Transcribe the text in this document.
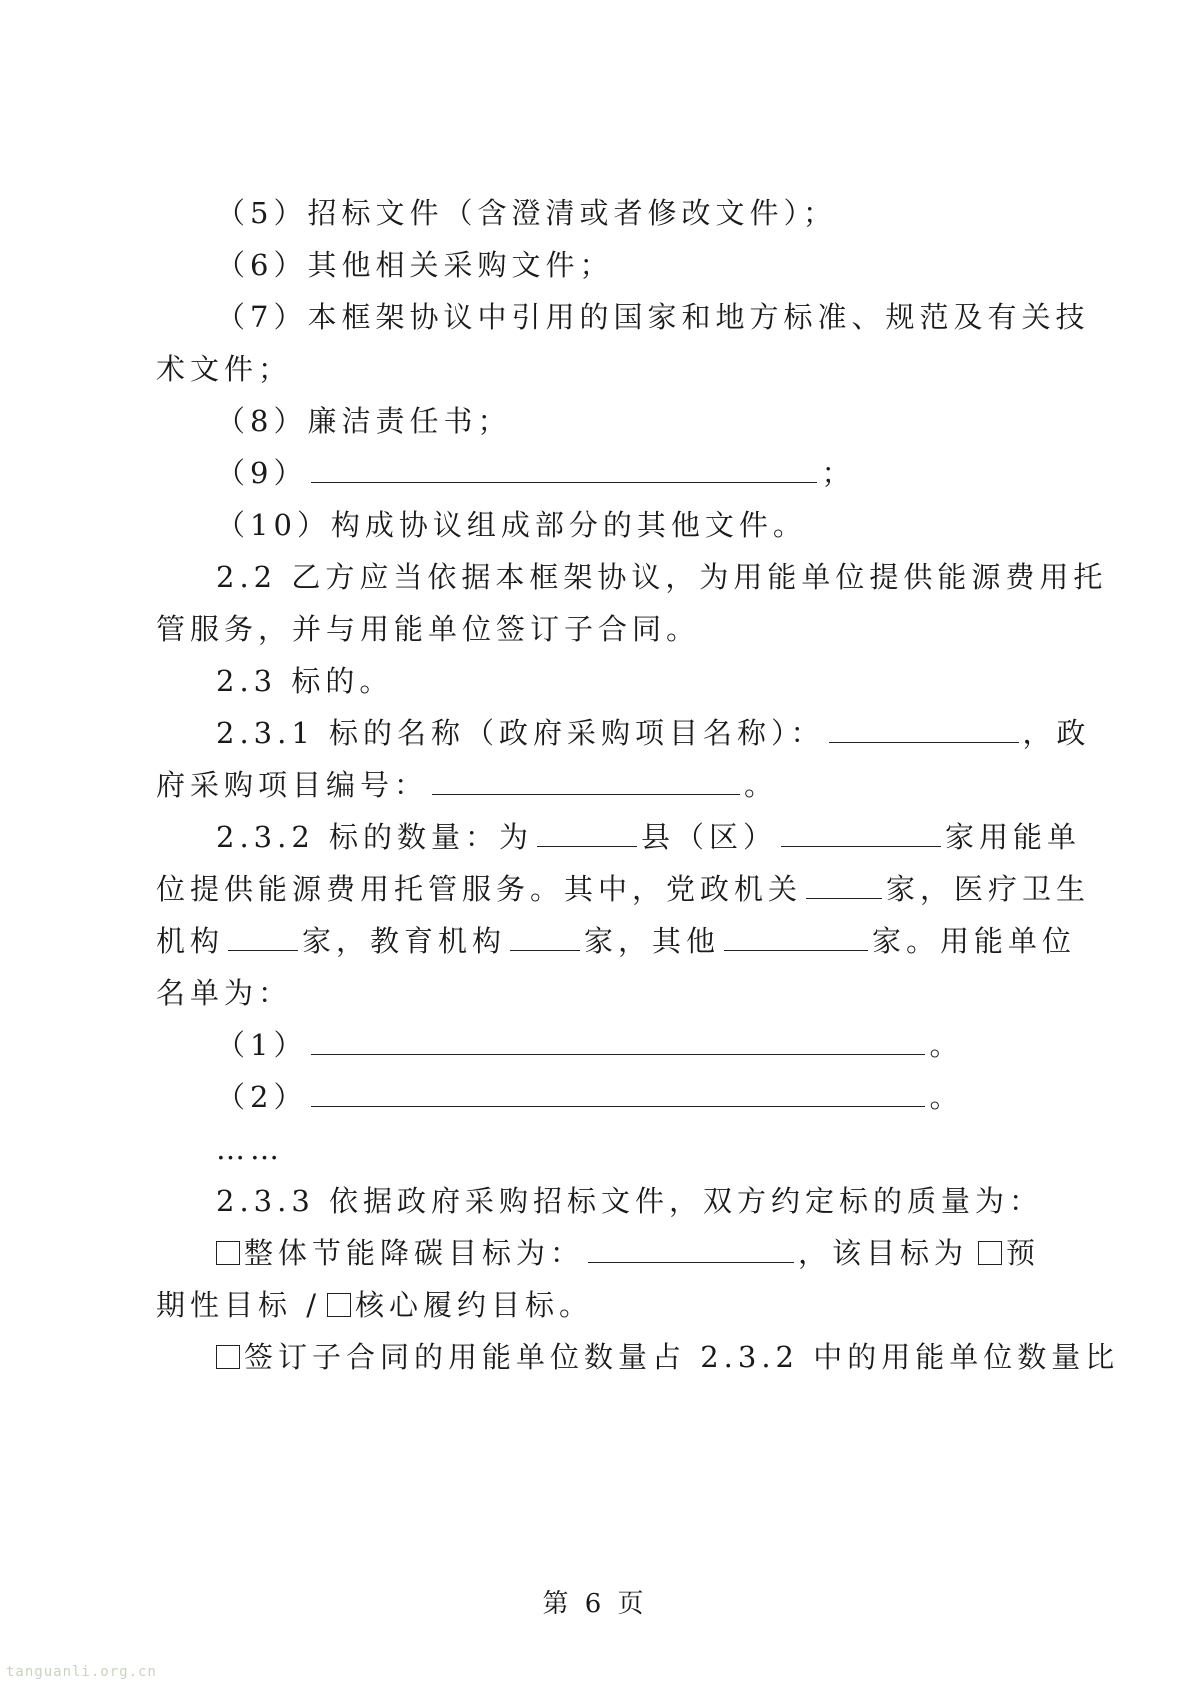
（5）招标文件（含澄清或者修改文件）；
（6）其他相关采购文件；
（7）本框架协议中引用的国家和地方标准、规范及有关技
术文件；
（8）廉洁责任书；
（9）	；
（10）构成协议组成部分的其他文件。
2.2 乙方应当依据本框架协议，为用能单位提供能源费用托
管服务，并与用能单位签订子合同。
2.3 标的。
2.3.1 标的名称（政府采购项目名称）：	，政
府采购项目编号：	。
2.3.2 标的数量：为	县（区）	家用能单
位提供能源费用托管服务。其中，党政机关	家，医疗卫生
机构	家，教育机构	家，其他	家。用能单位
名单为：
（1）	。
（2）	。
……
2.3.3 依据政府采购招标文件，双方约定标的质量为：
整体节能降碳目标为：	，该目标为 预
期性目标 / 核心履约目标。
签订子合同的用能单位数量占 2.3.2 中的用能单位数量比
第 6 页
tanguanli.org.cn
